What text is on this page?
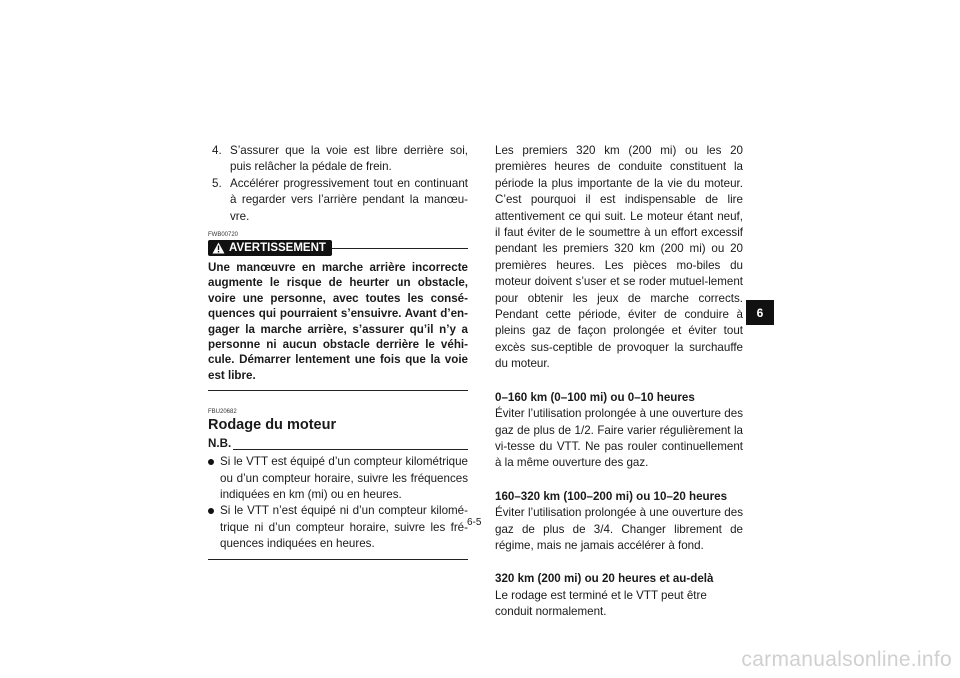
4. S’assurer que la voie est libre derrière soi, puis relâcher la pédale de frein.
5. Accélérer progressivement tout en continuant à regarder vers l’arrière pendant la manœu-vre.
FWB00720
AVERTISSEMENT
Une manœuvre en marche arrière incorrecte augmente le risque de heurter un obstacle, voire une personne, avec toutes les consé-quences qui pourraient s’ensuivre. Avant d’en-gager la marche arrière, s’assurer qu’il n’y a personne ni aucun obstacle derrière le véhi-cule. Démarrer lentement une fois que la voie est libre.
FBU20682
Rodage du moteur
N.B.
Si le VTT est équipé d’un compteur kilométrique ou d’un compteur horaire, suivre les fréquences indiquées en km (mi) ou en heures.
Si le VTT n’est équipé ni d’un compteur kilomé-trique ni d’un compteur horaire, suivre les fré-quences indiquées en heures.
Les premiers 320 km (200 mi) ou les 20 premières heures de conduite constituent la période la plus importante de la vie du moteur. C’est pourquoi il est indispensable de lire attentivement ce qui suit. Le moteur étant neuf, il faut éviter de le soumettre à un effort excessif pendant les premiers 320 km (200 mi) ou 20 premières heures. Les pièces mo-biles du moteur doivent s’user et se roder mutuel-lement pour obtenir les jeux de marche corrects. Pendant cette période, éviter de conduire à pleins gaz de façon prolongée et éviter tout excès sus-ceptible de provoquer la surchauffe du moteur.
0–160 km (0–100 mi) ou 0–10 heures
Éviter l’utilisation prolongée à une ouverture des gaz de plus de 1/2. Faire varier régulièrement la vi-tesse du VTT. Ne pas rouler continuellement à la même ouverture des gaz.
160–320 km (100–200 mi) ou 10–20 heures
Éviter l’utilisation prolongée à une ouverture des gaz de plus de 3/4. Changer librement de régime, mais ne jamais accélérer à fond.
320 km (200 mi) ou 20 heures et au-delà
Le rodage est terminé et le VTT peut être conduit normalement.
6
6-5
carmanualsonline.info
